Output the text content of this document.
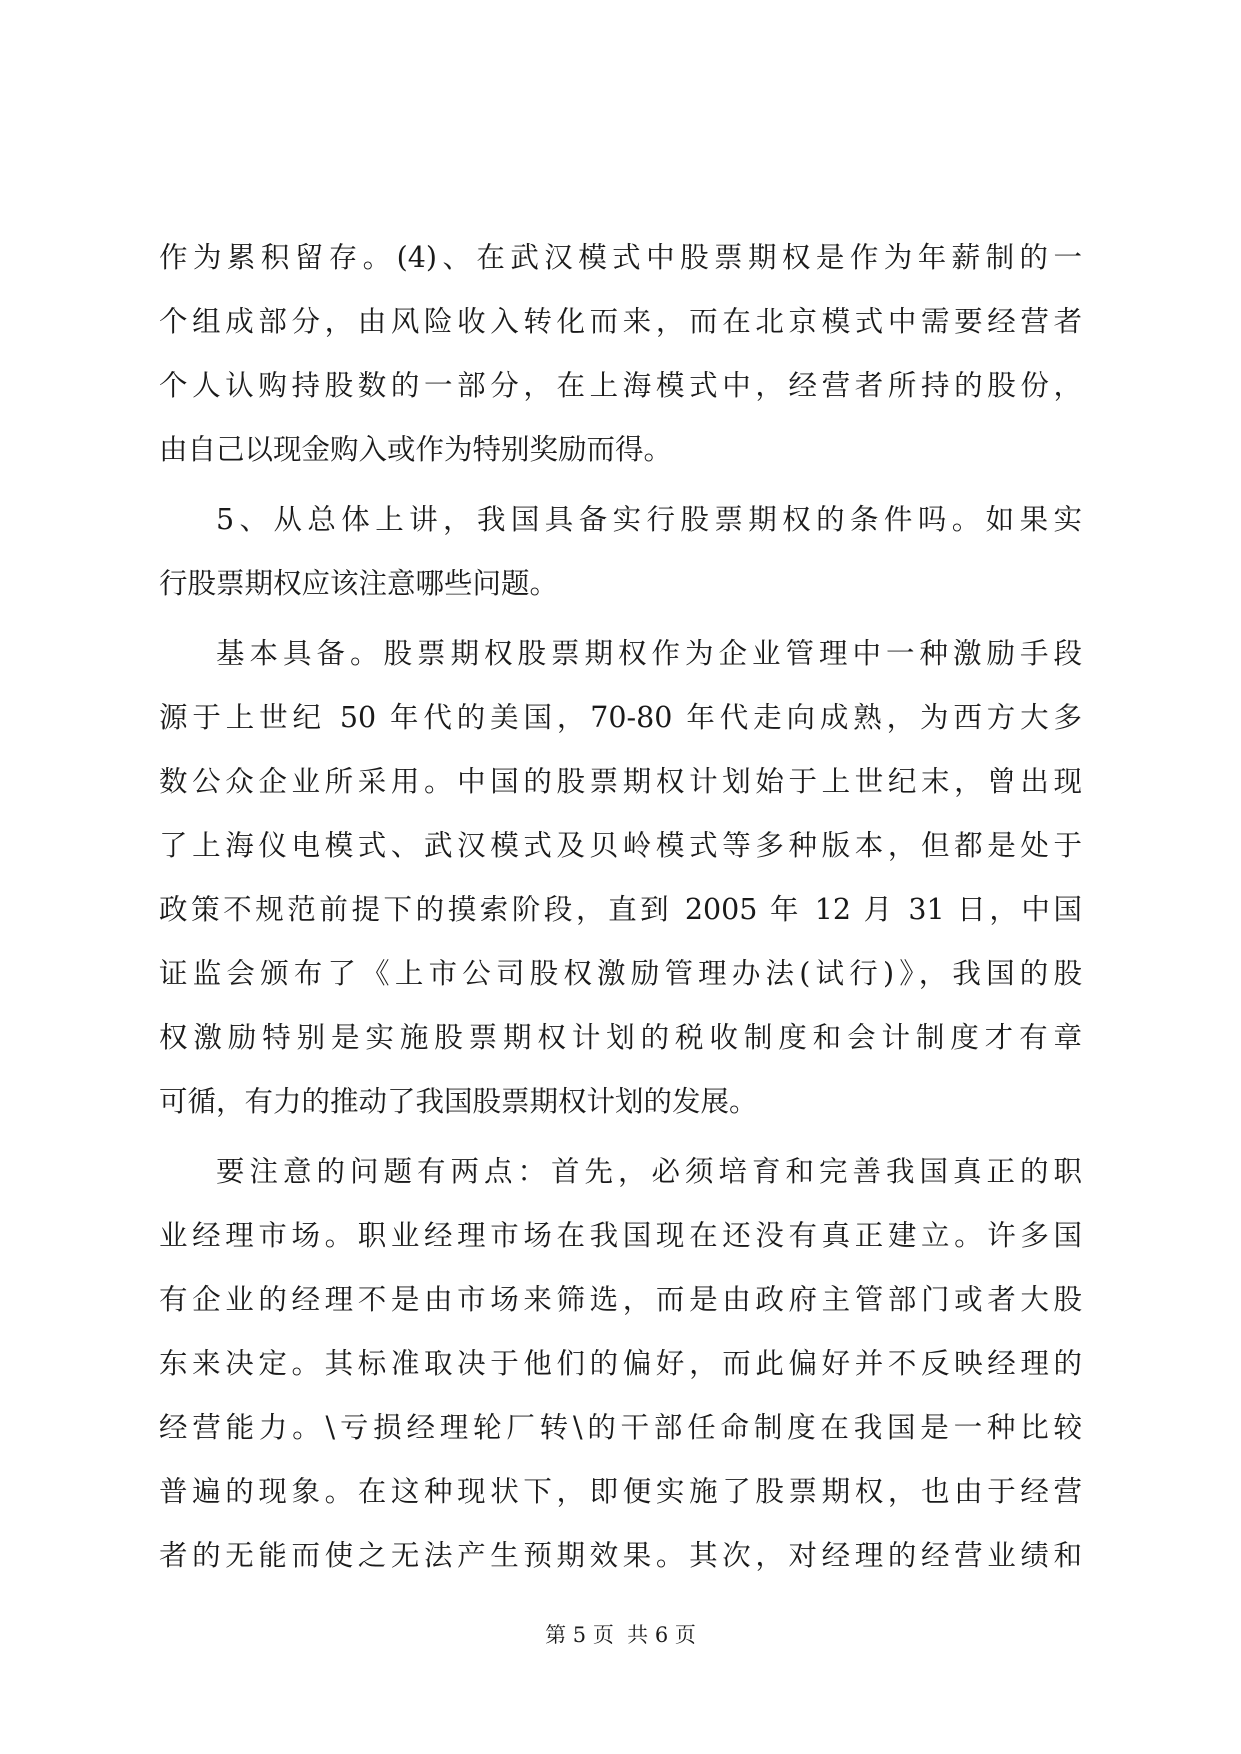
作为累积留存。(4)、在武汉模式中股票期权是作为年薪制的一
个组成部分，由风险收入转化而来，而在北京模式中需要经营者
个人认购持股数的一部分，在上海模式中，经营者所持的股份，
由自己以现金购入或作为特别奖励而得。
5、从总体上讲，我国具备实行股票期权的条件吗。如果实
行股票期权应该注意哪些问题。
基本具备。股票期权股票期权作为企业管理中一种激励手段
源于上世纪 50 年代的美国，70-80 年代走向成熟，为西方大多
数公众企业所采用。中国的股票期权计划始于上世纪末，曾出现
了上海仪电模式、武汉模式及贝岭模式等多种版本，但都是处于
政策不规范前提下的摸索阶段，直到 2005 年 12 月 31 日，中国
证监会颁布了《上市公司股权激励管理办法(试行)》，我国的股
权激励特别是实施股票期权计划的税收制度和会计制度才有章
可循，有力的推动了我国股票期权计划的发展。
要注意的问题有两点：首先，必须培育和完善我国真正的职
业经理市场。职业经理市场在我国现在还没有真正建立。许多国
有企业的经理不是由市场来筛选，而是由政府主管部门或者大股
东来决定。其标准取决于他们的偏好，而此偏好并不反映经理的
经营能力。\亏损经理轮厂转\的干部任命制度在我国是一种比较
普遍的现象。在这种现状下，即便实施了股票期权，也由于经营
者的无能而使之无法产生预期效果。其次，对经理的经营业绩和
第 5 页  共 6 页
